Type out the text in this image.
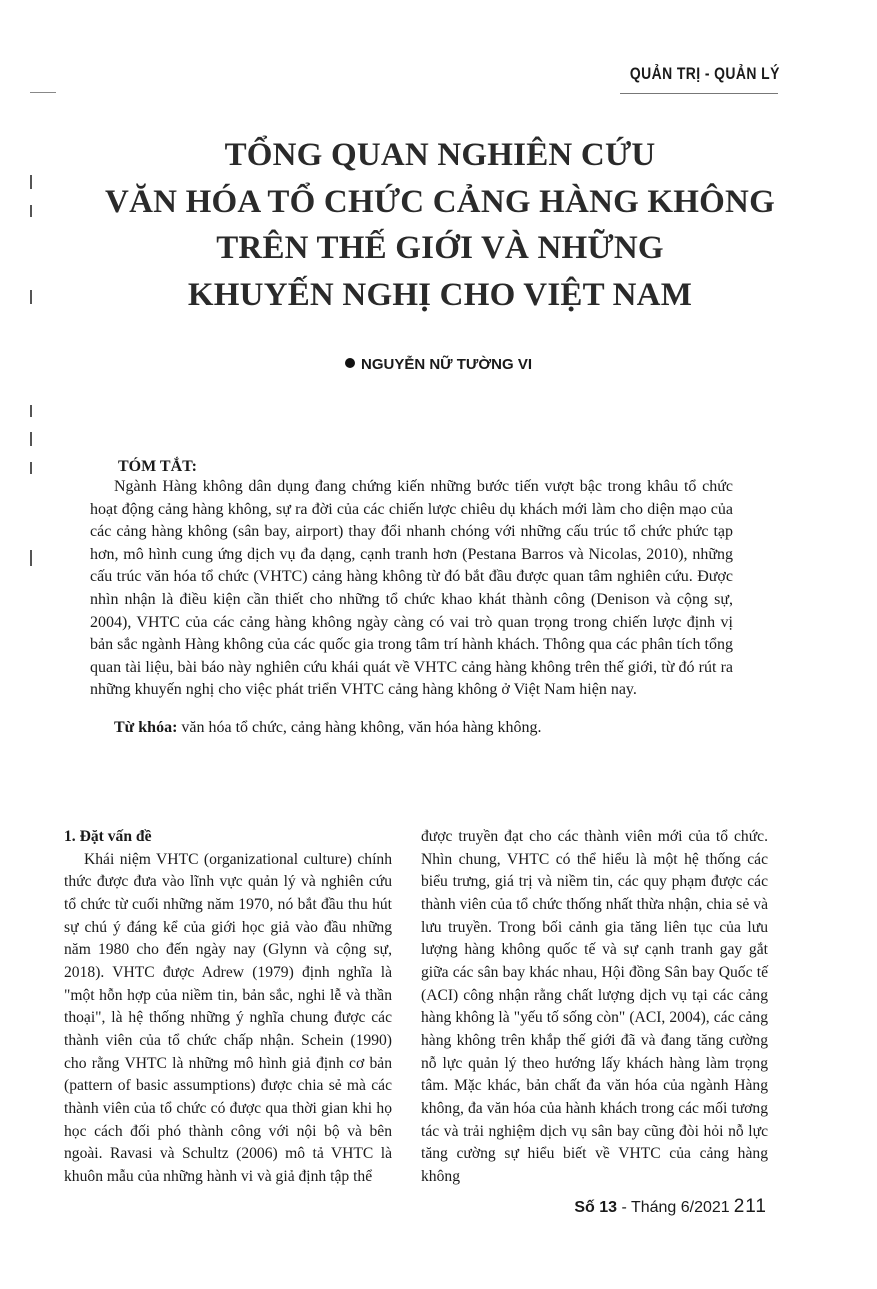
QUẢN TRỊ - QUẢN LÝ
TỔNG QUAN NGHIÊN CỨU
VĂN HÓA TỔ CHỨC CẢNG HÀNG KHÔNG
TRÊN THẾ GIỚI VÀ NHỮNG
KHUYẾN NGHỊ CHO VIỆT NAM
NGUYỄN NỮ TƯỜNG VI
TÓM TẮT:

Ngành Hàng không dân dụng đang chứng kiến những bước tiến vượt bậc trong khâu tổ chức hoạt động cảng hàng không, sự ra đời của các chiến lược chiêu dụ khách mới làm cho diện mạo của các cảng hàng không (sân bay, airport) thay đổi nhanh chóng với những cấu trúc tổ chức phức tạp hơn, mô hình cung ứng dịch vụ đa dạng, cạnh tranh hơn (Pestana Barros và Nicolas, 2010), những cấu trúc văn hóa tổ chức (VHTC) cảng hàng không từ đó bắt đầu được quan tâm nghiên cứu. Được nhìn nhận là điều kiện cần thiết cho những tổ chức khao khát thành công (Denison và cộng sự, 2004), VHTC của các cảng hàng không ngày càng có vai trò quan trọng trong chiến lược định vị bản sắc ngành Hàng không của các quốc gia trong tâm trí hành khách. Thông qua các phân tích tổng quan tài liệu, bài báo này nghiên cứu khái quát về VHTC cảng hàng không trên thế giới, từ đó rút ra những khuyến nghị cho việc phát triển VHTC cảng hàng không ở Việt Nam hiện nay.

Từ khóa: văn hóa tổ chức, cảng hàng không, văn hóa hàng không.

1. Đặt vấn đề

Khái niệm VHTC (organizational culture) chính thức được đưa vào lĩnh vực quản lý và nghiên cứu tổ chức từ cuối những năm 1970, nó bắt đầu thu hút sự chú ý đáng kể của giới học giả vào đầu những năm 1980 cho đến ngày nay (Glynn và cộng sự, 2018). VHTC được Adrew (1979) định nghĩa là "một hỗn hợp của niềm tin, bản sắc, nghi lễ và thần thoại", là hệ thống những ý nghĩa chung được các thành viên của tổ chức chấp nhận. Schein (1990) cho rằng VHTC là những mô hình giả định cơ bản (pattern of basic assumptions) được chia sẻ mà các thành viên của tổ chức có được qua thời gian khi họ học cách đối phó thành công với nội bộ và bên ngoài. Ravasi và Schultz (2006) mô tả VHTC là khuôn mẫu của những hành vi và giả định tập thể

được truyền đạt cho các thành viên mới của tổ chức. Nhìn chung, VHTC có thể hiểu là một hệ thống các biểu trưng, giá trị và niềm tin, các quy phạm được các thành viên của tổ chức thống nhất thừa nhận, chia sẻ và lưu truyền. Trong bối cảnh gia tăng liên tục của lưu lượng hàng không quốc tế và sự cạnh tranh gay gắt giữa các sân bay khác nhau, Hội đồng Sân bay Quốc tế (ACI) công nhận rằng chất lượng dịch vụ tại các cảng hàng không là "yếu tố sống còn" (ACI, 2004), các cảng hàng không trên khắp thế giới đã và đang tăng cường nỗ lực quản lý theo hướng lấy khách hàng làm trọng tâm. Mặc khác, bản chất đa văn hóa của ngành Hàng không, đa văn hóa của hành khách trong các mối tương tác và trải nghiệm dịch vụ sân bay cũng đòi hỏi nỗ lực tăng cường sự hiểu biết về VHTC của cảng hàng không

Số 13 - Tháng 6/2021 211
